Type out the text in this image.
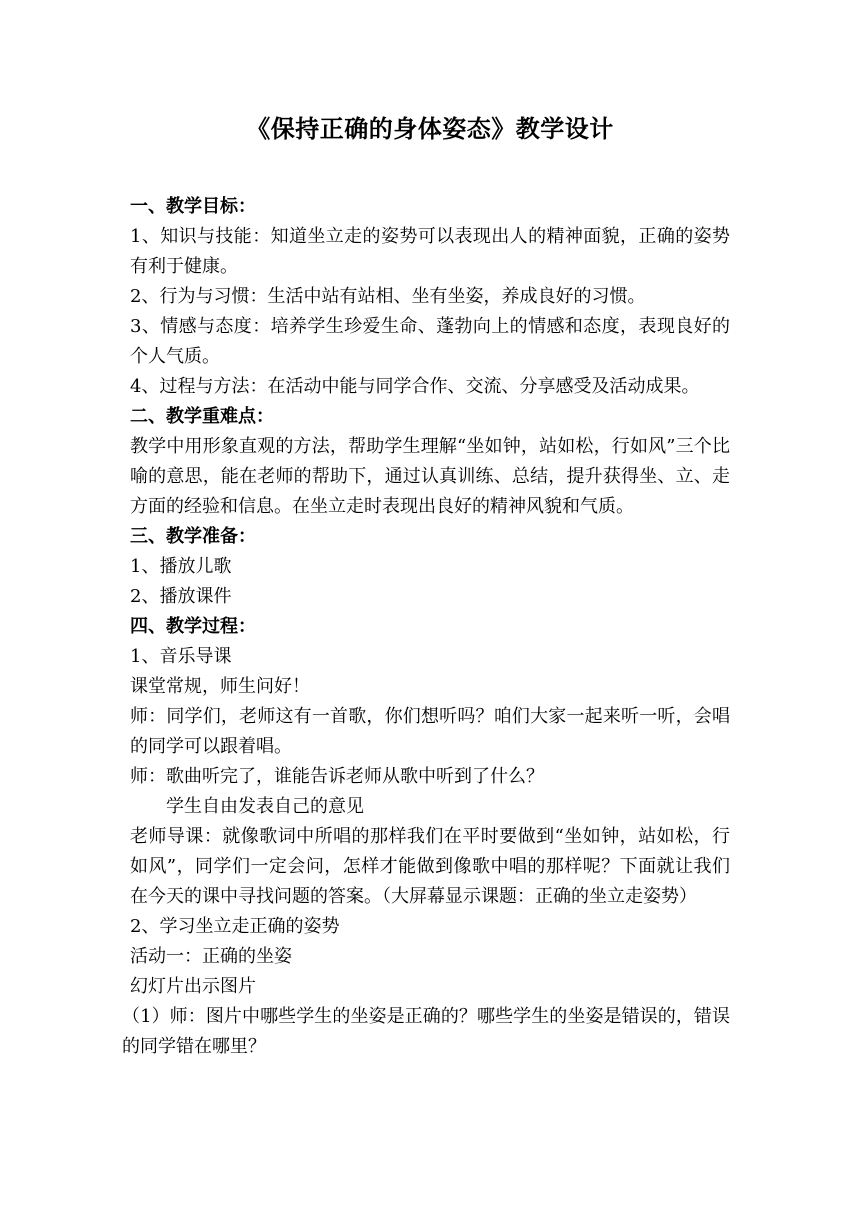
《保持正确的身体姿态》教学设计

一、教学目标：

1、知识与技能：知道坐立走的姿势可以表现出人的精神面貌，正确的姿势有利于健康。

2、行为与习惯：生活中站有站相、坐有坐姿，养成良好的习惯。

3、情感与态度：培养学生珍爱生命、蓬勃向上的情感和态度，表现良好的个人气质。

4、过程与方法：在活动中能与同学合作、交流、分享感受及活动成果。

二、教学重难点：

教学中用形象直观的方法，帮助学生理解“坐如钟，站如松，行如风”三个比喻的意思，能在老师的帮助下，通过认真训练、总结，提升获得坐、立、走方面的经验和信息。在坐立走时表现出良好的精神风貌和气质。

三、教学准备：

1、播放儿歌

2、播放课件

四、教学过程：

1、音乐导课

课堂常规，师生问好！

师：同学们，老师这有一首歌，你们想听吗？咱们大家一起来听一听，会唱的同学可以跟着唱。

师：歌曲听完了，谁能告诉老师从歌中听到了什么？

学生自由发表自己的意见

老师导课：就像歌词中所唱的那样我们在平时要做到“坐如钟，站如松，行如风”，同学们一定会问，怎样才能做到像歌中唱的那样呢？下面就让我们在今天的课中寻找问题的答案。（大屏幕显示课题：正确的坐立走姿势）

2、学习坐立走正确的姿势

活动一：正确的坐姿

幻灯片出示图片

（1）师：图片中哪些学生的坐姿是正确的？哪些学生的坐姿是错误的，错误的同学错在哪里？
